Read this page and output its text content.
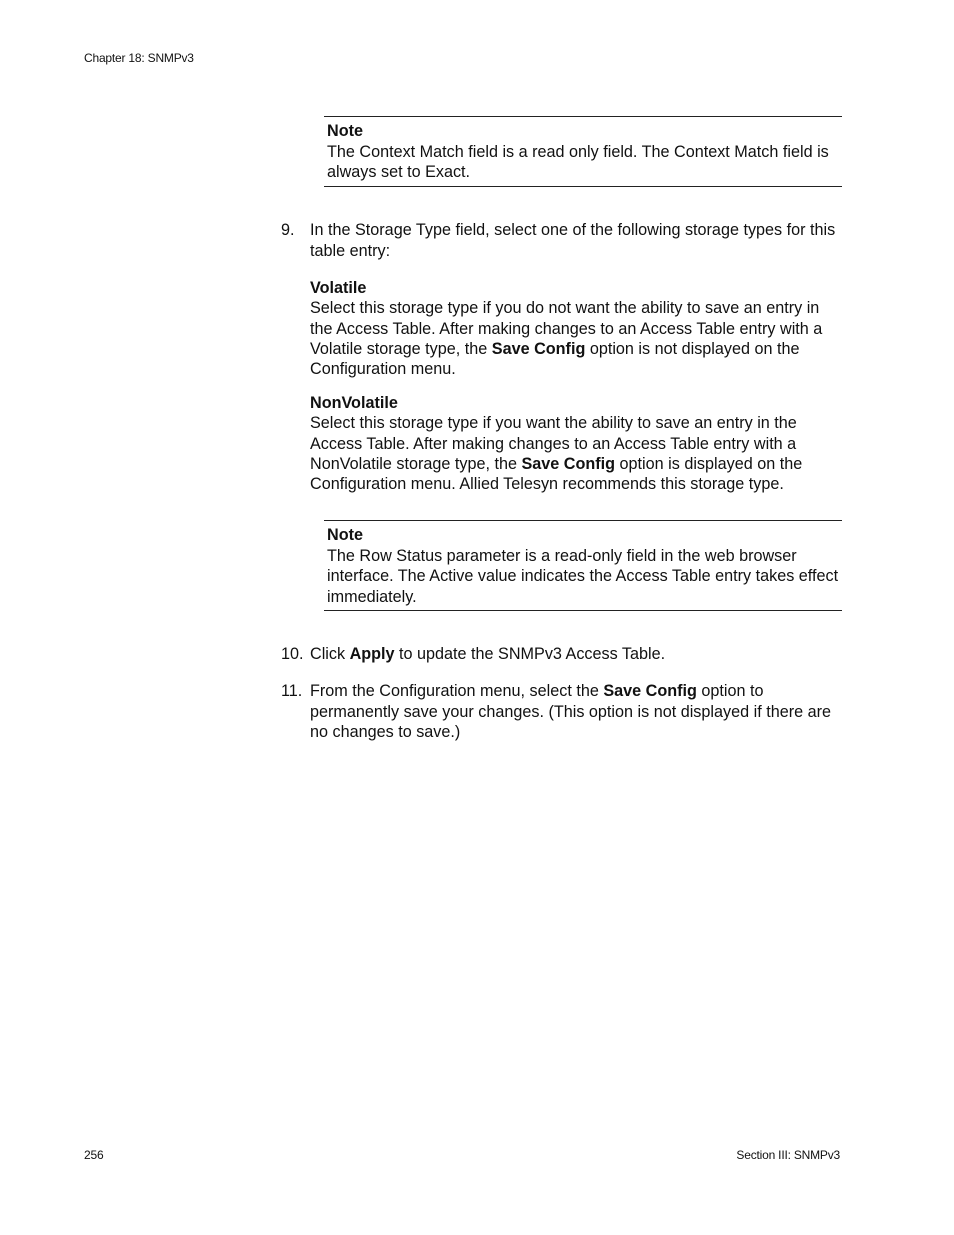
Chapter 18: SNMPv3
Note
The Context Match field is a read only field. The Context Match field is always set to Exact.
9. In the Storage Type field, select one of the following storage types for this table entry:
Volatile
Select this storage type if you do not want the ability to save an entry in the Access Table. After making changes to an Access Table entry with a Volatile storage type, the Save Config option is not displayed on the Configuration menu.
NonVolatile
Select this storage type if you want the ability to save an entry in the Access Table. After making changes to an Access Table entry with a NonVolatile storage type, the Save Config option is displayed on the Configuration menu. Allied Telesyn recommends this storage type.
Note
The Row Status parameter is a read-only field in the web browser interface. The Active value indicates the Access Table entry takes effect immediately.
10. Click Apply to update the SNMPv3 Access Table.
11. From the Configuration menu, select the Save Config option to permanently save your changes. (This option is not displayed if there are no changes to save.)
256	Section III: SNMPv3
